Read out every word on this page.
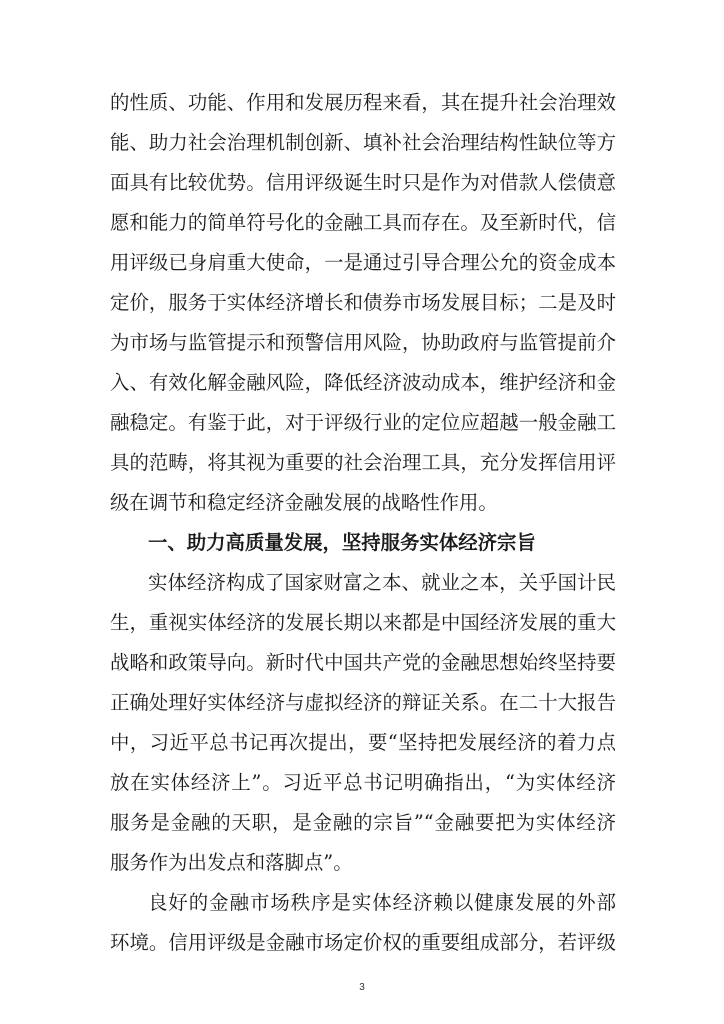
的性质、功能、作用和发展历程来看，其在提升社会治理效
能、助力社会治理机制创新、填补社会治理结构性缺位等方
面具有比较优势。信用评级诞生时只是作为对借款人偿债意
愿和能力的简单符号化的金融工具而存在。及至新时代，信
用评级已身肩重大使命，一是通过引导合理公允的资金成本
定价，服务于实体经济增长和债券市场发展目标；二是及时
为市场与监管提示和预警信用风险，协助政府与监管提前介
入、有效化解金融风险，降低经济波动成本，维护经济和金
融稳定。有鉴于此，对于评级行业的定位应超越一般金融工
具的范畴，将其视为重要的社会治理工具，充分发挥信用评
级在调节和稳定经济金融发展的战略性作用。
一、助力高质量发展，坚持服务实体经济宗旨
实体经济构成了国家财富之本、就业之本，关乎国计民
生，重视实体经济的发展长期以来都是中国经济发展的重大
战略和政策导向。新时代中国共产党的金融思想始终坚持要
正确处理好实体经济与虚拟经济的辩证关系。在二十大报告
中，习近平总书记再次提出，要“坚持把发展经济的着力点
放在实体经济上”。习近平总书记明确指出，“为实体经济
服务是金融的天职，是金融的宗旨”“金融要把为实体经济
服务作为出发点和落脚点”。
良好的金融市场秩序是实体经济赖以健康发展的外部
环境。信用评级是金融市场定价权的重要组成部分，若评级
3
